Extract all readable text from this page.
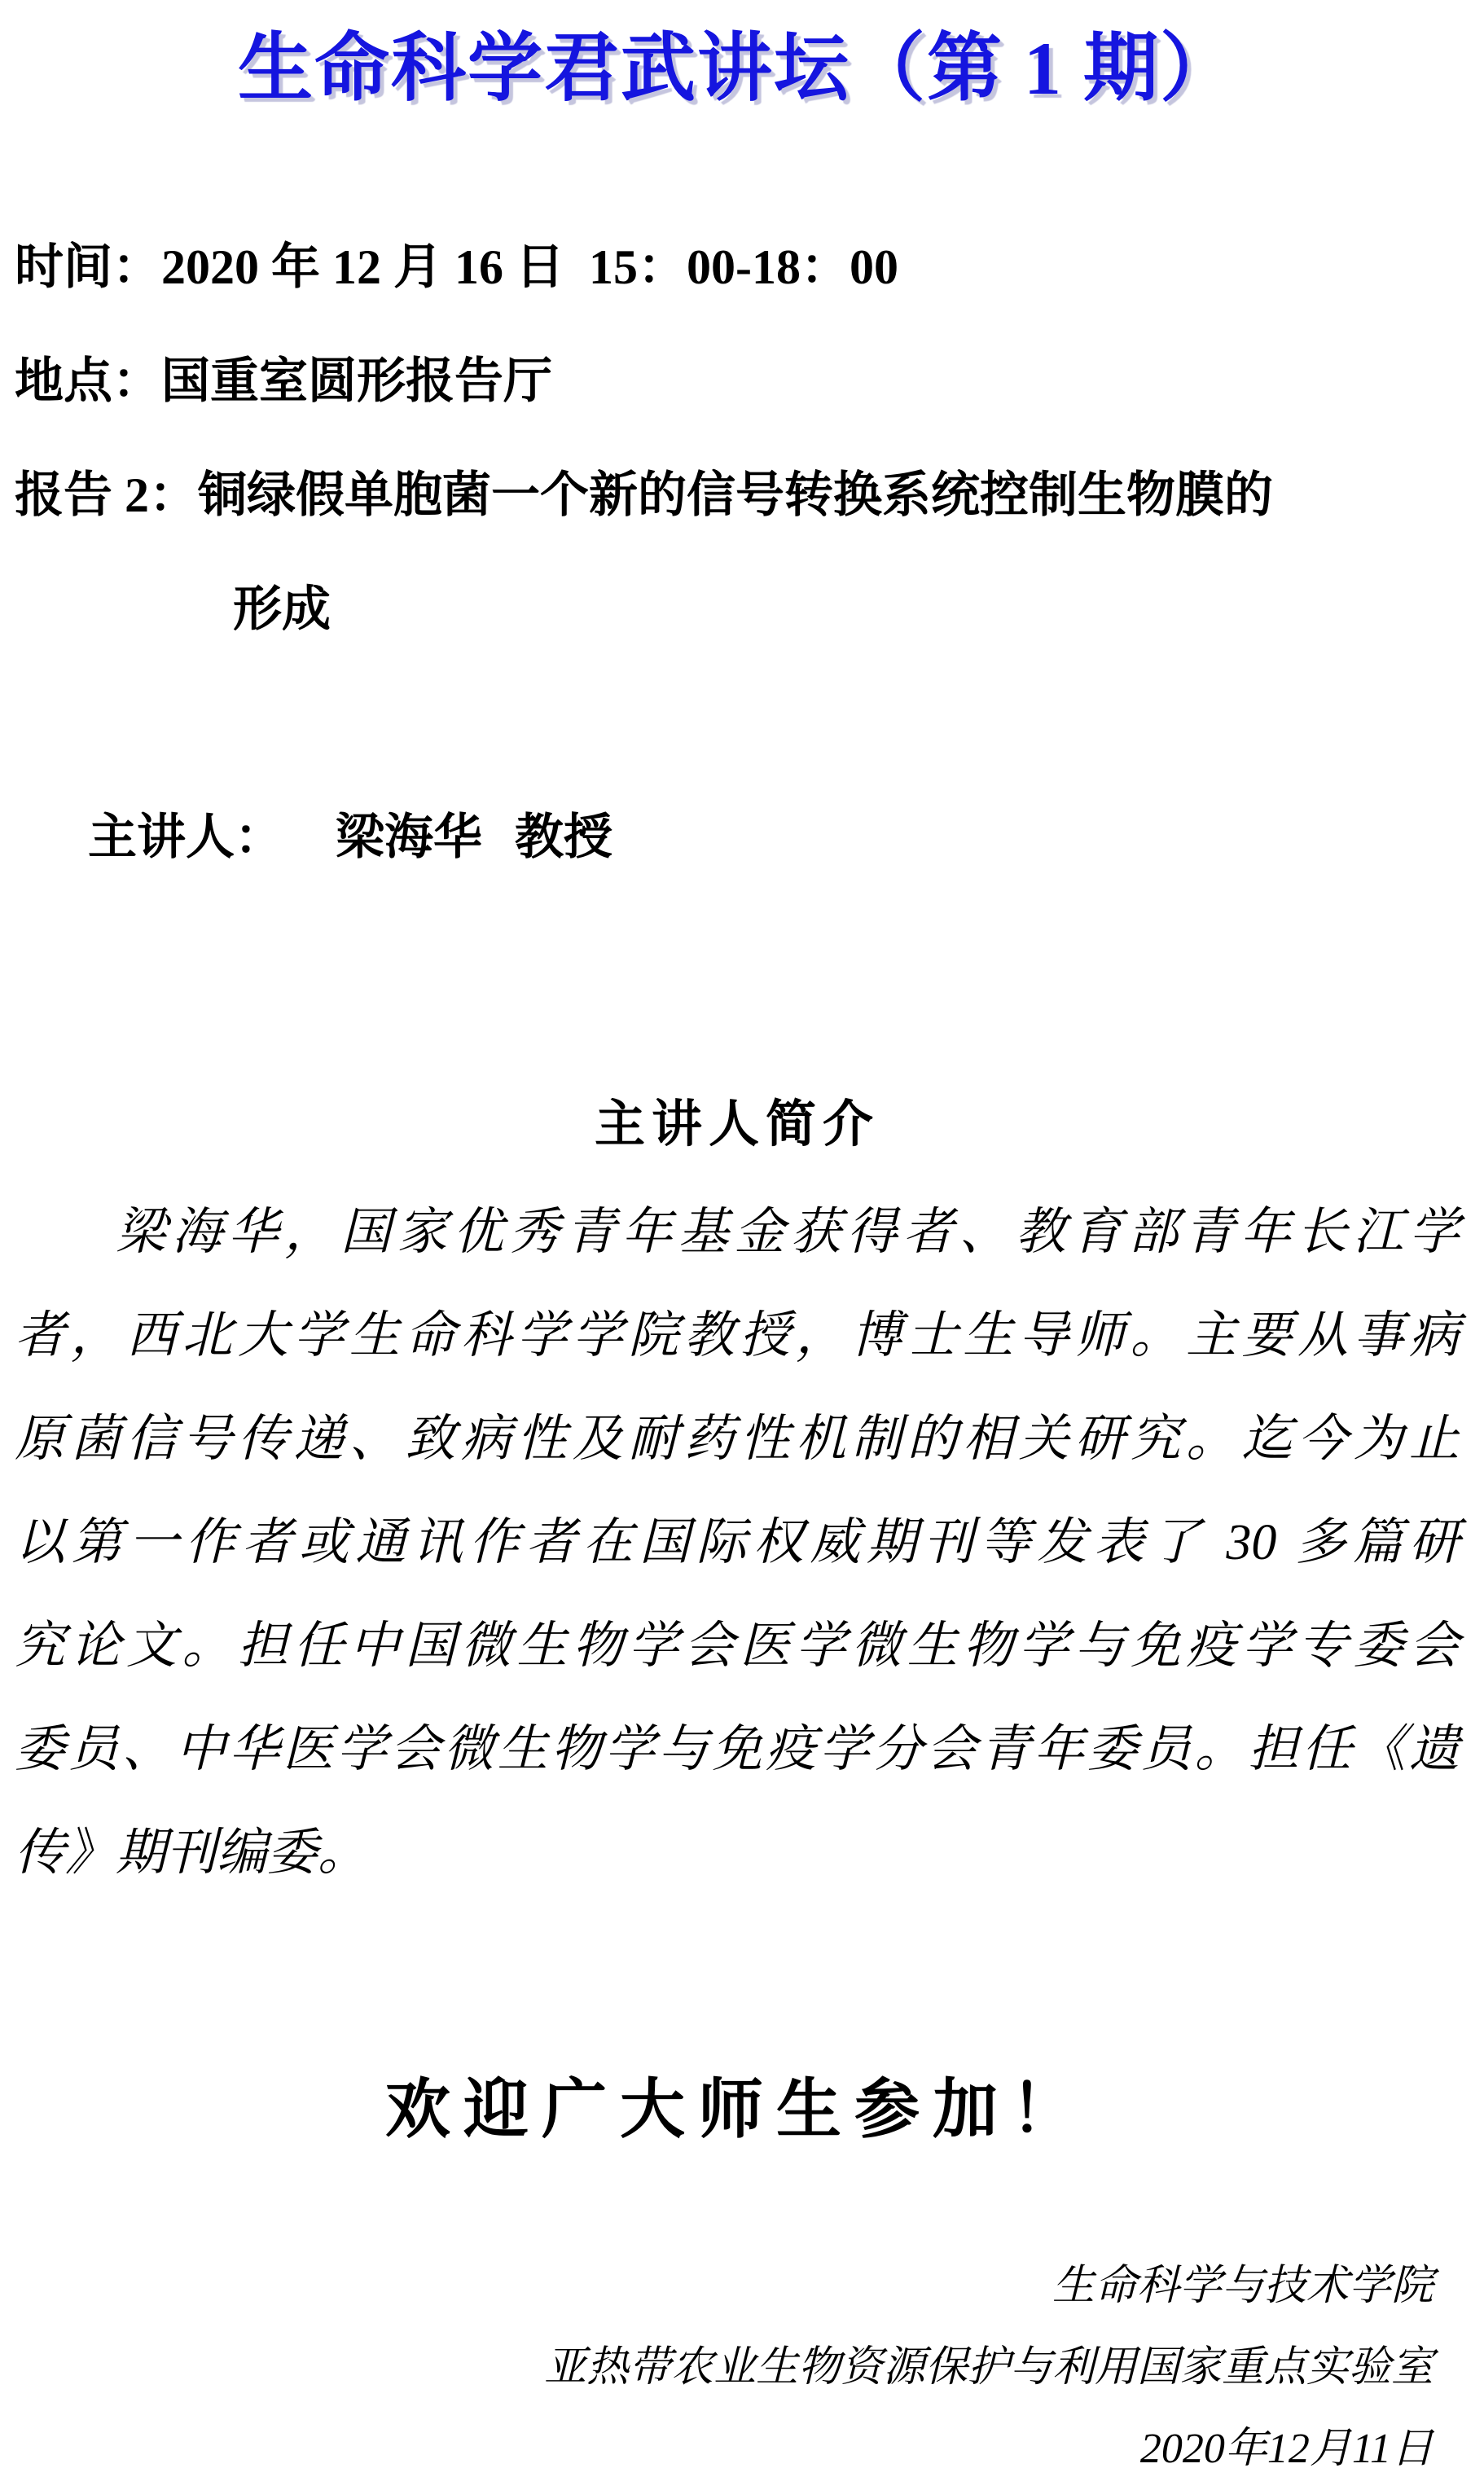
生命科学君武讲坛（第 1 期）
时间：2020 年 12 月 16 日  15：00-18：00
地点：国重室圆形报告厅
报告 2：铜绿假单胞菌一个新的信号转换系统控制生物膜的
形成

主讲人： 梁海华 教授

主讲人简介
梁海华，国家优秀青年基金获得者、教育部青年长江学
者，西北大学生命科学学院教授，博士生导师。主要从事病
原菌信号传递、致病性及耐药性机制的相关研究。迄今为止
以第一作者或通讯作者在国际权威期刊等发表了 30 多篇研
究论文。担任中国微生物学会医学微生物学与免疫学专委会
委员、中华医学会微生物学与免疫学分会青年委员。担任《遗
传》期刊编委。
欢迎广大师生参加！
生命科学与技术学院
亚热带农业生物资源保护与利用国家重点实验室
2020年12月11日
